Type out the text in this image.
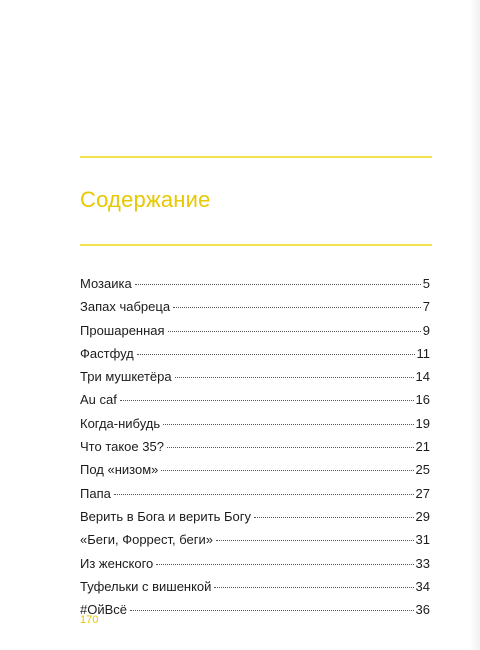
Содержание
Мозаика	5
Запах чабреца	7
Прошаренная	9
Фастфуд	11
Три мушкетёра	14
Au caf	16
Когда-нибудь	19
Что такое 35?	21
Под «низом»	25
Папа	27
Верить в Бога и верить Богу	29
«Беги, Форрест, беги»	31
Из женского	33
Туфельки с вишенкой	34
#ОйВсё	36
170
